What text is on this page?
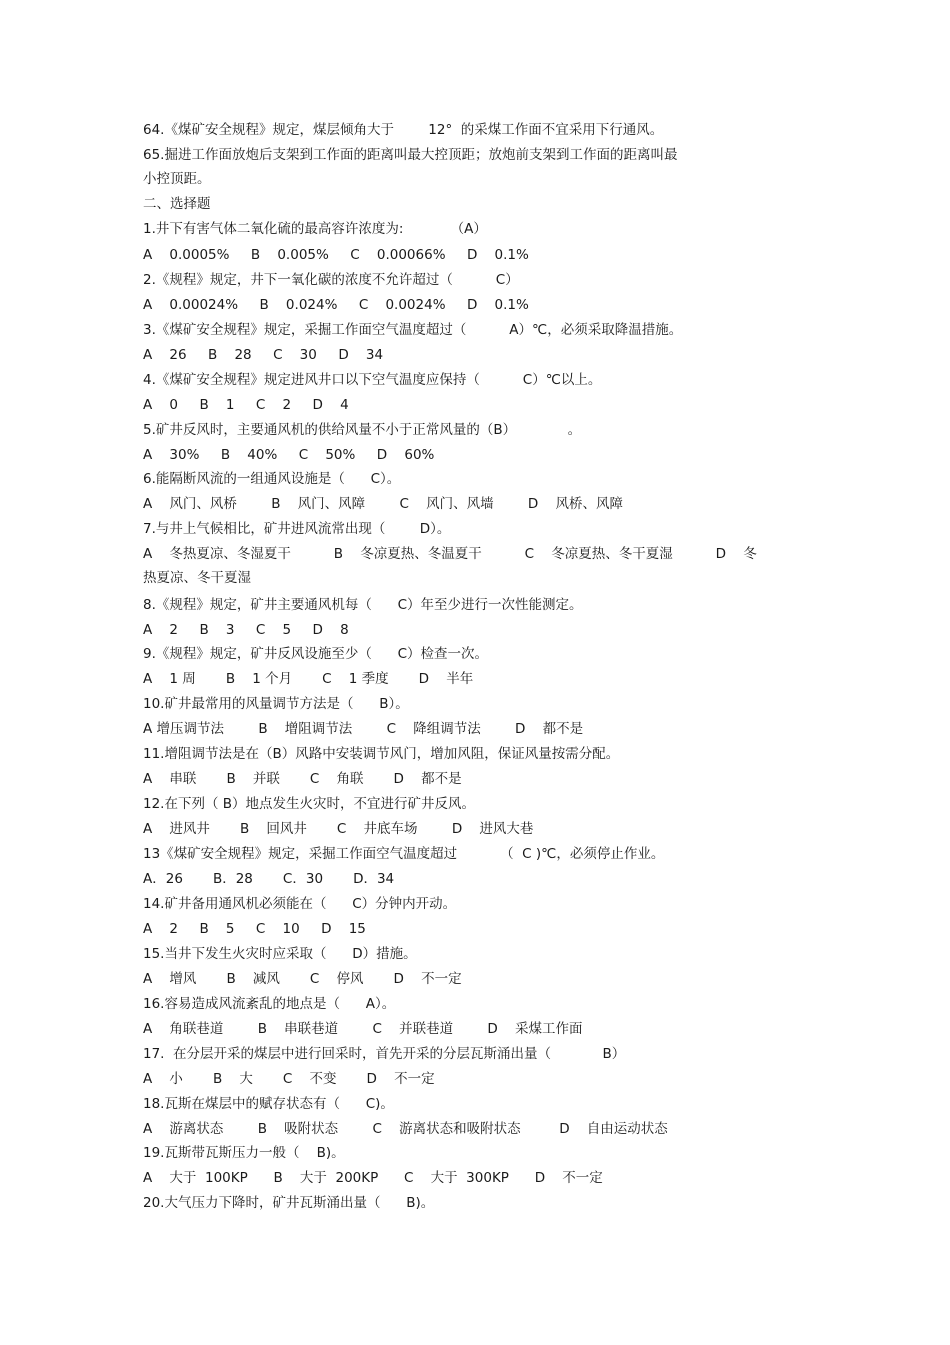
64.《煤矿安全规程》规定，煤层倾角大于        12°  的采煤工作面不宜采用下行通风。
65.掘进工作面放炮后支架到工作面的距离叫最大控顶距；放炮前支架到工作面的距离叫最
小控顶距。
二、选择题
1.井下有害气体二氧化硫的最高容许浓度为:           （A）
A    0.0005%     B    0.005%     C    0.00066%     D    0.1%
2.《规程》规定，井下一氧化碳的浓度不允许超过（          C）
A    0.00024%     B    0.024%     C    0.0024%     D    0.1%
3.《煤矿安全规程》规定，采掘工作面空气温度超过（          A）℃，必须采取降温措施。
A    26     B    28     C    30     D    34
4.《煤矿安全规程》规定进风井口以下空气温度应保持（          C）℃以上。
A    0     B    1     C    2     D    4
5.矿井反风时，主要通风机的供给风量不小于正常风量的（B）            。
A    30%     B    40%     C    50%     D    60%
6.能隔断风流的一组通风设施是（      C）。
A    风门、风桥        B    风门、风障        C    风门、风墙        D    风桥、风障
7.与井上气候相比，矿井进风流常出现（        D）。
A    冬热夏凉、冬湿夏干          B    冬凉夏热、冬温夏干          C    冬凉夏热、冬干夏湿          D    冬
热夏凉、冬干夏湿
8.《规程》规定，矿井主要通风机每（      C）年至少进行一次性能测定。
A    2     B    3     C    5     D    8
9.《规程》规定，矿井反风设施至少（      C）检查一次。
A    1 周       B    1 个月       C    1 季度       D    半年
10.矿井最常用的风量调节方法是（      B）。
A 增压调节法        B    增阻调节法        C    降组调节法        D    都不是
11.增阻调节法是在（B）风路中安装调节风门，增加风阻，保证风量按需分配。
A    串联       B    并联       C    角联       D    都不是
12.在下列（ B）地点发生火灾时，不宜进行矿井反风。
A    进风井       B    回风井       C    井底车场        D    进风大巷
13《煤矿安全规程》规定，采掘工作面空气温度超过          （  C )℃，必须停止作业。
A．26       B．28       C．30       D．34
14.矿井备用通风机必须能在（      C）分钟内开动。
A    2     B    5     C    10     D    15
15.当井下发生火灾时应采取（      D）措施。
A    增风       B    减风       C    停风       D    不一定
16.容易造成风流紊乱的地点是（      A）。
A    角联巷道        B    串联巷道        C    并联巷道        D    采煤工作面
17.  在分层开采的煤层中进行回采时，首先开采的分层瓦斯涌出量（            B）
A    小       B    大       C    不变       D    不一定
18.瓦斯在煤层中的赋存状态有（      C)。
A    游离状态        B    吸附状态        C    游离状态和吸附状态         D    自由运动状态
19.瓦斯带瓦斯压力一般（    B)。
A    大于  100KP      B    大于  200KP      C    大于  300KP      D    不一定
20.大气压力下降时，矿井瓦斯涌出量（      B)。
